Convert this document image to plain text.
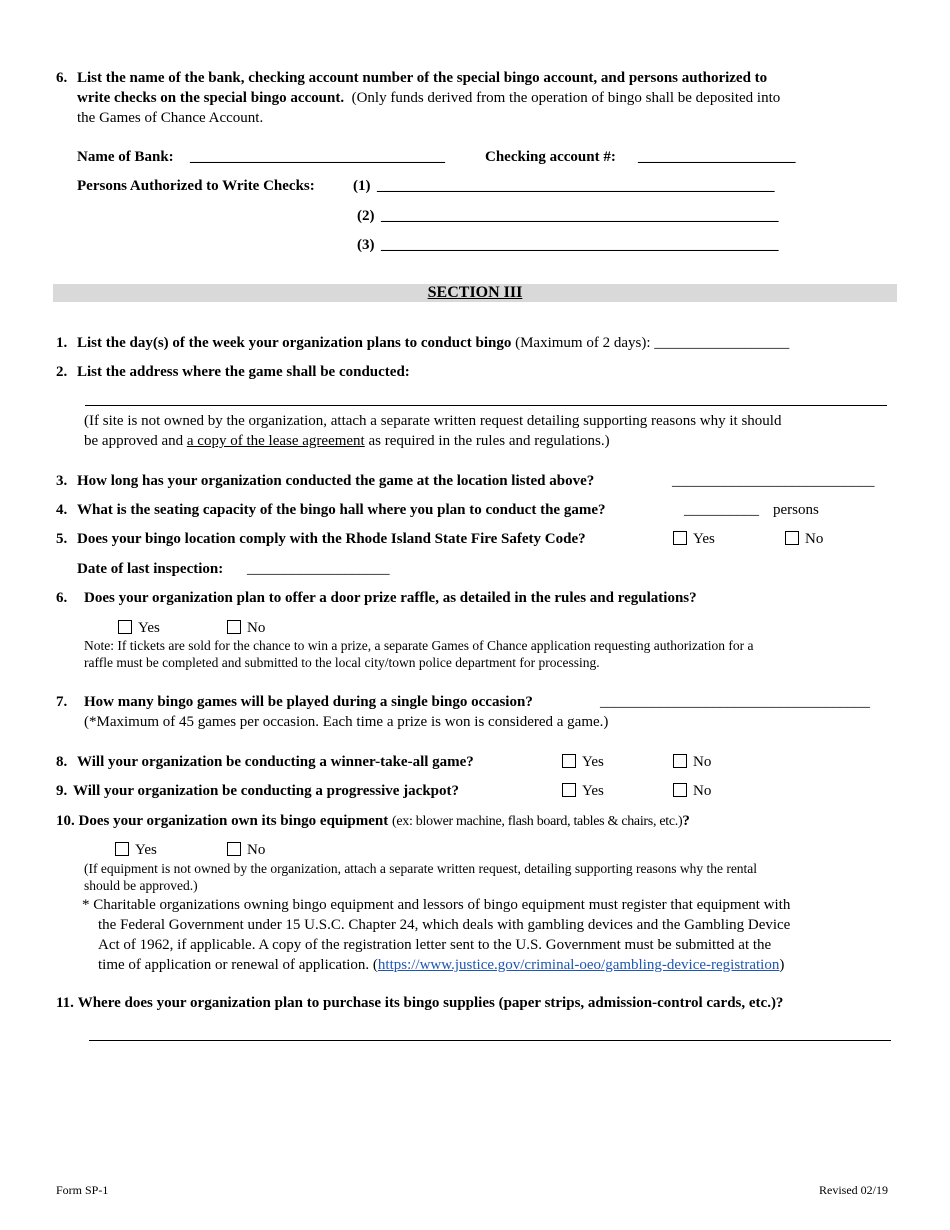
6. List the name of the bank, checking account number of the special bingo account, and persons authorized to
write checks on the special bingo account. (Only funds derived from the operation of bingo shall be deposited into
the Games of Chance Account.
Name of Bank: __________________________________	Checking account #: _____________________
Persons Authorized to Write Checks:	(1) _____________________________________________________
(2) _____________________________________________________
(3) _____________________________________________________
SECTION III
1. List the day(s) of the week your organization plans to conduct bingo (Maximum of 2 days): __________________
2. List the address where the game shall be conducted:
(If site is not owned by the organization, attach a separate written request detailing supporting reasons why it should
be approved and a copy of the lease agreement as required in the rules and regulations.)
3. How long has your organization conducted the game at the location listed above?	___________________________
4. What is the seating capacity of the bingo hall where you plan to conduct the game?	__________ persons
5. Does your bingo location comply with the Rhode Island State Fire Safety Code?	Yes	No
Date of last inspection: ___________________
6. Does your organization plan to offer a door prize raffle, as detailed in the rules and regulations?
Yes	No
Note: If tickets are sold for the chance to win a prize, a separate Games of Chance application requesting authorization for a
raffle must be completed and submitted to the local city/town police department for processing.
7. How many bingo games will be played during a single bingo occasion?	____________________________________
(*Maximum of 45 games per occasion. Each time a prize is won is considered a game.)
8. Will your organization be conducting a winner-take-all game?	Yes	No
9. Will your organization be conducting a progressive jackpot?	Yes	No
10. Does your organization own its bingo equipment (ex: blower machine, flash board, tables & chairs, etc.)?
Yes	No
(If equipment is not owned by the organization, attach a separate written request, detailing supporting reasons why the rental
should be approved.)
* Charitable organizations owning bingo equipment and lessors of bingo equipment must register that equipment with
the Federal Government under 15 U.S.C. Chapter 24, which deals with gambling devices and the Gambling Device
Act of 1962, if applicable. A copy of the registration letter sent to the U.S. Government must be submitted at the
time of application or renewal of application. (https://www.justice.gov/criminal-oeo/gambling-device-registration)
11. Where does your organization plan to purchase its bingo supplies (paper strips, admission-control cards, etc.)?
Form SP-1	Revised 02/19
